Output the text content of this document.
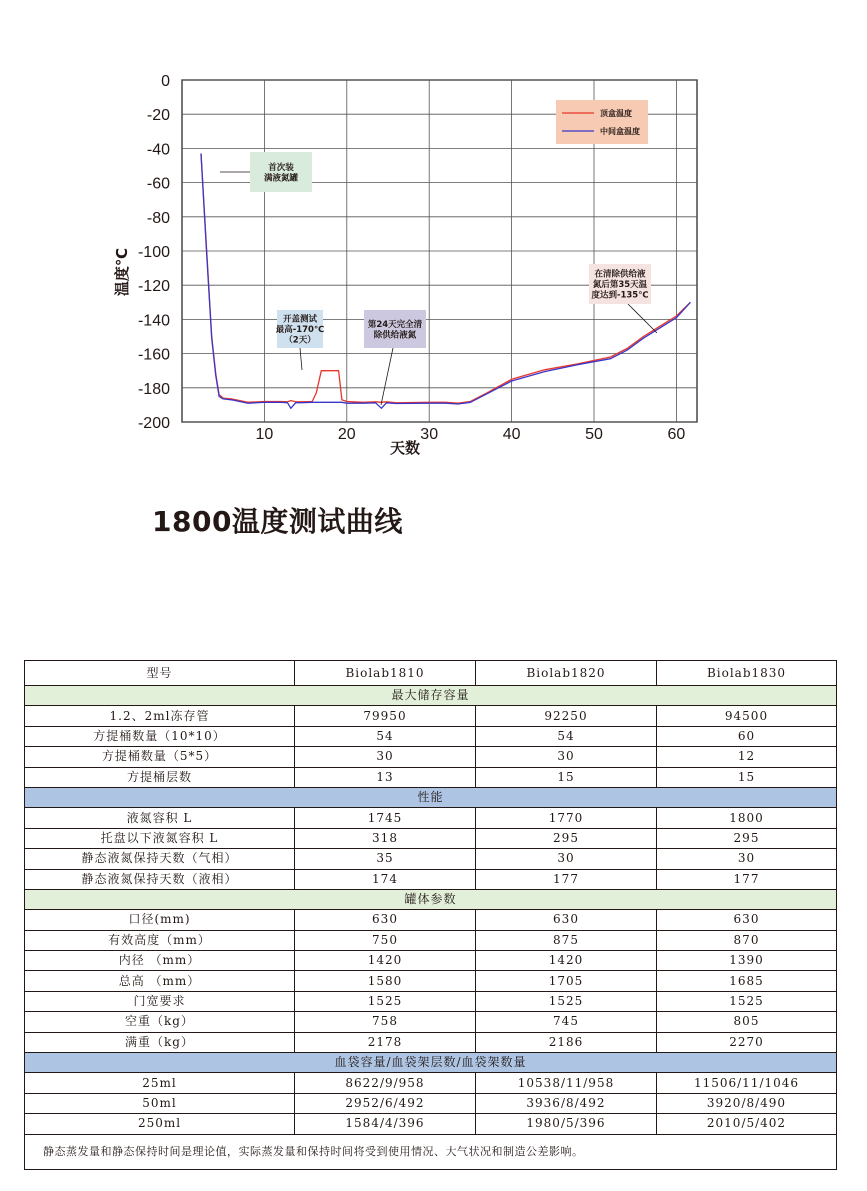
0
-20
-40
-60
-80
-100
-120
-140
-160
-180
-200
10	20	30	40	50	60
首次装
满液氮罐
开盖测试
最高-170℃
（2天）
第24天完全清
除供给液氮
在清除供给液
氮后第35天温
度达到-135℃
顶盒温度
中间盒温度
天数
温度℃
1800温度测试曲线
型号	Biolab1810	Biolab1820	Biolab1830
最大储存容量			
1.2、2ml冻存管	79950	92250	94500
方提桶数量（10*10）	54	54	60
方提桶数量（5*5）	30	30	12
方提桶层数	13	15	15
性能			
液氮容积 L	1745	1770	1800
托盘以下液氮容积 L	318	295	295
静态液氮保持天数（气相）	35	30	30
静态液氮保持天数（液相）	174	177	177
罐体参数			
口径(mm)	630	630	630
有效高度（mm）	750	875	870
内径 （mm）	1420	1420	1390
总高 （mm）	1580	1705	1685
门宽要求	1525	1525	1525
空重（kg）	758	745	805
满重（kg）	2178	2186	2270
血袋容量/血袋架层数/血袋架数量			
25ml	8622/9/958	10538/11/958	11506/11/1046
50ml	2952/6/492	3936/8/492	3920/8/490
250ml	1584/4/396	1980/5/396	2010/5/402
静态蒸发量和静态保持时间是理论值，实际蒸发量和保持时间将受到使用情况、大气状况和制造公差影响。			
